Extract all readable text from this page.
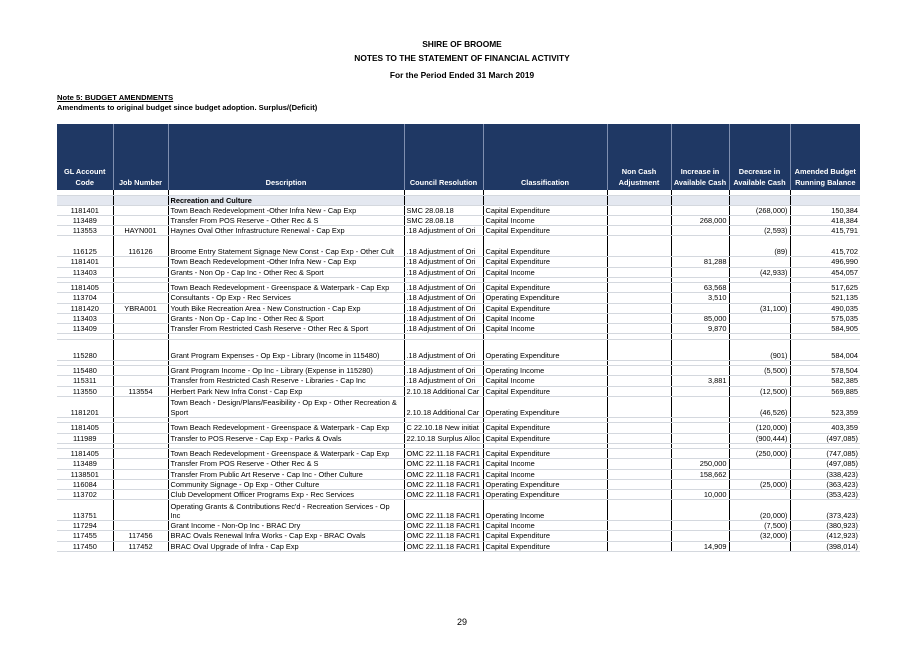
SHIRE OF BROOME
NOTES TO THE STATEMENT OF FINANCIAL ACTIVITY
For the Period Ended 31 March 2019
Note 5: BUDGET AMENDMENTS
Amendments to original budget since budget adoption. Surplus/(Deficit)
GL Account Code	Job Number	Description	Council Resolution	Classification	Non Cash Adjustment	Increase in Available Cash	Decrease in Available Cash	Amended Budget Running Balance

		Recreation and Culture						
1181401		Town Beach Redevelopment -Other Infra New - Cap Exp	SMC 28.08.18	Capital Expenditure			(268,000)	150,384
113489		Transfer From POS Reserve - Other Rec & S	SMC 28.08.18	Capital Income		268,000		418,384
113553	HAYN001	Haynes Oval Other Infrastructure Renewal - Cap Exp	.18 Adjustment of Ori	Capital Expenditure			(2,593)	415,791
116125	116126	Broome Entry Statement Signage New Const - Cap Exp - Other Cult	.18 Adjustment of Ori	Capital Expenditure			(89)	415,702
1181401		Town Beach Redevelopment -Other Infra New - Cap Exp	.18 Adjustment of Ori	Capital Expenditure		81,288		496,990
113403		Grants - Non Op - Cap Inc - Other Rec & Sport	.18 Adjustment of Ori	Capital Income			(42,933)	454,057

1181405		Town Beach Redevelopment - Greenspace & Waterpark - Cap Exp	.18 Adjustment of Ori	Capital Expenditure		63,568		517,625
113704		Consultants - Op Exp - Rec Services	.18 Adjustment of Ori	Operating Expenditure		3,510		521,135
1181420	YBRA001	Youth Bike Recreation Area - New Construction - Cap Exp	.18 Adjustment of Ori	Capital Expenditure			(31,100)	490,035
113403		Grants - Non Op - Cap Inc - Other Rec & Sport	.18 Adjustment of Ori	Capital Income		85,000		575,035
113409		Transfer From Restricted Cash Reserve - Other Rec & Sport	.18 Adjustment of Ori	Capital Income		9,870		584,905

115280		Grant Program Expenses - Op Exp - Library (Income in 115480)	.18 Adjustment of Ori	Operating Expenditure			(901)	584,004

115480		Grant Program Income - Op Inc - Library (Expense in 115280)	.18 Adjustment of Ori	Operating Income			(5,500)	578,504
115311		Transfer from Restricted Cash Reserve - Libraries - Cap Inc	.18 Adjustment of Ori	Capital Income		3,881		582,385
113550	113554	Herbert Park New Infra Const - Cap Exp	2.10.18 Additional Car	Capital Expenditure			(12,500)	569,885
1181201		Town Beach - Design/Plans/Feasibility - Op Exp - Other Recreation & Sport	2.10.18 Additional Car	Operating Expenditure			(46,526)	523,359

1181405		Town Beach Redevelopment - Greenspace & Waterpark - Cap Exp	C 22.10.18 New initiat	Capital Expenditure			(120,000)	403,359
111989		Transfer to POS Reserve - Cap Exp - Parks & Ovals	22.10.18 Surplus Alloc	Capital Expenditure			(900,444)	(497,085)

1181405		Town Beach Redevelopment - Greenspace & Waterpark - Cap Exp	OMC 22.11.18 FACR1	Capital Expenditure			(250,000)	(747,085)
113489		Transfer From POS Reserve - Other Rec & S	OMC 22.11.18 FACR1	Capital Income		250,000		(497,085)
1138501		Transfer From Public Art Reserve - Cap Inc - Other Culture	OMC 22.11.18 FACR1	Capital Income		158,662		(338,423)
116084		Community Signage - Op Exp - Other Culture	OMC 22.11.18 FACR1	Operating Expenditure			(25,000)	(363,423)
113702		Club Development Officer Programs Exp - Rec Services	OMC 22.11.18 FACR1	Operating Expenditure		10,000		(353,423)
113751		Operating Grants & Contributions Rec'd - Recreation Services - Op Inc	OMC 22.11.18 FACR1	Operating Income			(20,000)	(373,423)
117294		Grant Income - Non-Op Inc - BRAC Dry	OMC 22.11.18 FACR1	Capital Income			(7,500)	(380,923)
117455	117456	BRAC Ovals Renewal Infra Works - Cap Exp - BRAC Ovals	OMC 22.11.18 FACR1	Capital Expenditure			(32,000)	(412,923)
117450	117452	BRAC Oval Upgrade of Infra - Cap Exp	OMC 22.11.18 FACR1	Capital Expenditure		14,909		(398,014)
29
